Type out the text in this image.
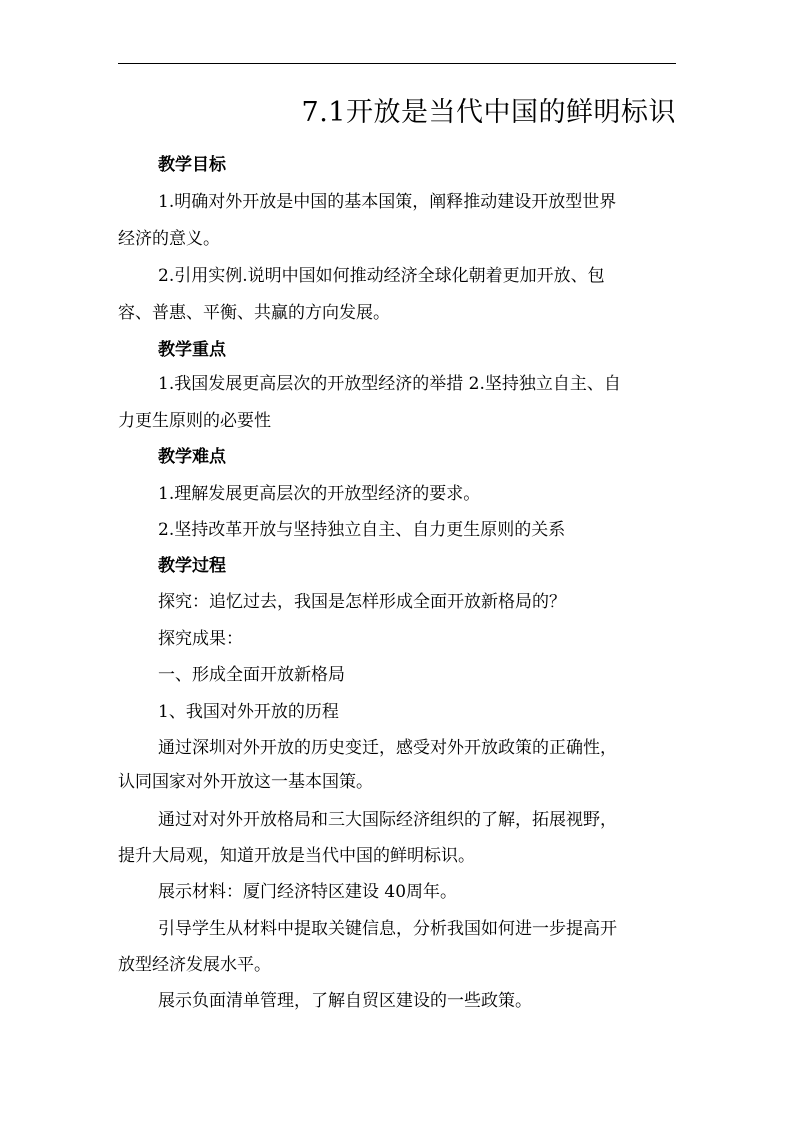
7.1开放是当代中国的鲜明标识
教学目标
1.明确对外开放是中国的基本国策，阐释推动建设开放型世界
经济的意义。
2.引用实例.说明中国如何推动经济全球化朝着更加开放、包
容、普惠、平衡、共赢的方向发展。
教学重点
1.我国发展更高层次的开放型经济的举措 2.坚持独立自主、自
力更生原则的必要性
教学难点
1.理解发展更高层次的开放型经济的要求。
2.坚持改革开放与坚持独立自主、自力更生原则的关系
教学过程
探究：追忆过去，我国是怎样形成全面开放新格局的？
探究成果：
一、形成全面开放新格局
1、我国对外开放的历程
通过深圳对外开放的历史变迁，感受对外开放政策的正确性，
认同国家对外开放这一基本国策。
通过对对外开放格局和三大国际经济组织的了解，拓展视野，
提升大局观，知道开放是当代中国的鲜明标识。
展示材料：厦门经济特区建设 40周年。
引导学生从材料中提取关键信息，分析我国如何进一步提高开
放型经济发展水平。
展示负面清单管理，了解自贸区建设的一些政策。
